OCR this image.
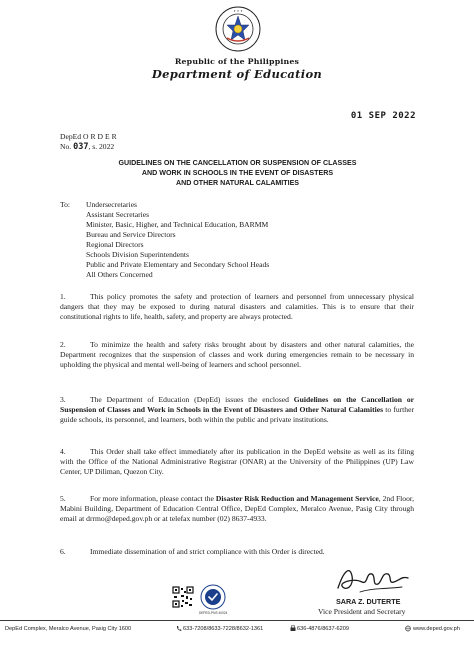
✦ ✦ ✦
Republic of the Philippines
Department of Education
01 SEP 2022
DepEd ORDER
No. 037, s. 2022
GUIDELINES ON THE CANCELLATION OR SUSPENSION OF CLASSES
AND WORK IN SCHOOLS IN THE EVENT OF DISASTERS
AND OTHER NATURAL CALAMITIES
To: Undersecretaries
Assistant Secretaries
Minister, Basic, Higher, and Technical Education, BARMM
Bureau and Service Directors
Regional Directors
Schools Division Superintendents
Public and Private Elementary and Secondary School Heads
All Others Concerned
1.	This policy promotes the safety and protection of learners and personnel from unnecessary physical dangers that they may be exposed to during natural disasters and calamities. This is to ensure that their constitutional rights to life, health, safety, and property are always protected.
2.	To minimize the health and safety risks brought about by disasters and other natural calamities, the Department recognizes that the suspension of classes and work during emergencies remain to be necessary in upholding the physical and mental well-being of learners and school personnel.
3.	The Department of Education (DepEd) issues the enclosed Guidelines on the Cancellation or Suspension of Classes and Work in Schools in the Event of Disasters and Other Natural Calamities to further guide schools, its personnel, and learners, both within the public and private institutions.
4.	This Order shall take effect immediately after its publication in the DepEd website as well as its filing with the Office of the National Administrative Registrar (ONAR) at the University of the Philippines (UP) Law Center, UP Diliman, Quezon City.
5.	For more information, please contact the Disaster Risk Reduction and Management Service, 2nd Floor, Mabini Building, Department of Education Central Office, DepEd Complex, Meralco Avenue, Pasig City through email at drrmo@deped.gov.ph or at telefax number (02) 8637-4933.
6.	Immediate dissemination of and strict compliance with this Order is directed.
SARA Z. DUTERTE
Vice President and Secretary
DEPED-PNS 40024
DepEd Complex, Meralco Avenue, Pasig City 1600	633-7208/8633-7228/8632-1361	636-4876/8637-6209	www.deped.gov.ph
